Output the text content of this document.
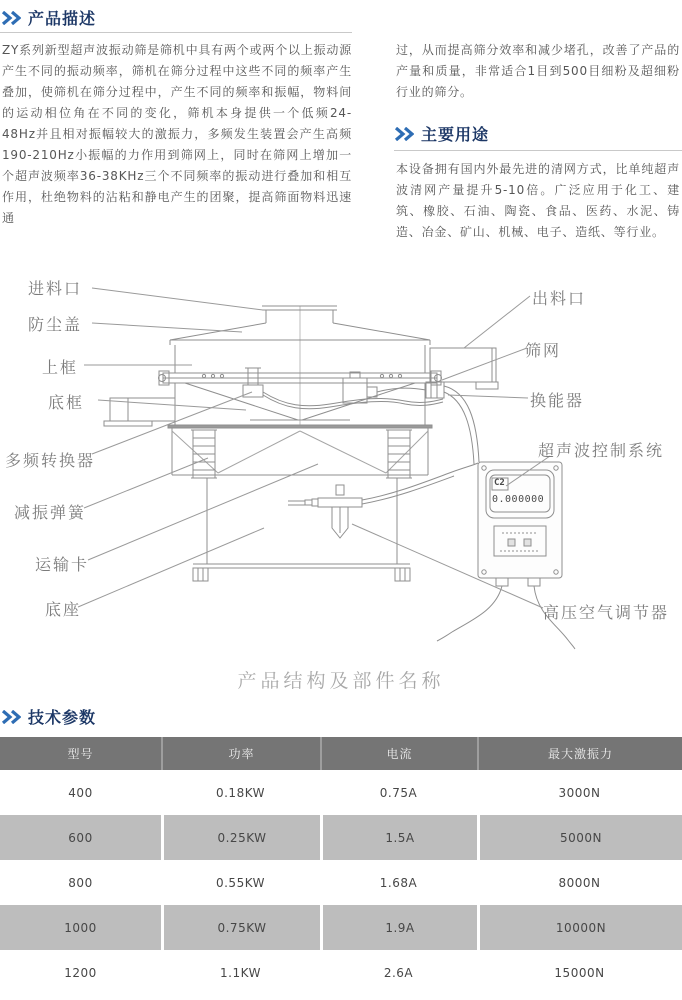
产品描述
ZY系列新型超声波振动筛是筛机中具有两个或两个以上振动源产生不同的振动频率，筛机在筛分过程中这些不同的频率产生叠加，使筛机在筛分过程中，产生不同的频率和振幅，物料间的运动相位角在不同的变化，筛机本身提供一个低频24-48Hz并且相对振幅较大的激振力，多频发生装置会产生高频190-210Hz小振幅的力作用到筛网上，同时在筛网上增加一个超声波频率36-38KHz三个不同频率的振动进行叠加和相互作用，杜绝物料的沾粘和静电产生的团聚，提高筛面物料迅速通
过，从而提高筛分效率和减少堵孔，改善了产品的产量和质量，非常适合1目到500目细粉及超细粉行业的筛分。
主要用途
本设备拥有国内外最先进的清网方式，比单纯超声波清网产量提升5-10倍。广泛应用于化工、建筑、橡胶、石油、陶瓷、食品、医药、水泥、铸造、冶金、矿山、机械、电子、造纸、等行业。
进料口
防尘盖
上框
底框
多频转换器
减振弹簧
运输卡
底座
出料口
筛网
换能器
超声波控制系统
高压空气调节器
C2
0.000000
产品结构及部件名称
技术参数
型号	功率	电流	最大激振力
400	0.18KW	0.75A	3000N
600	0.25KW	1.5A	5000N
800	0.55KW	1.68A	8000N
1000	0.75KW	1.9A	10000N
1200	1.1KW	2.6A	15000N
